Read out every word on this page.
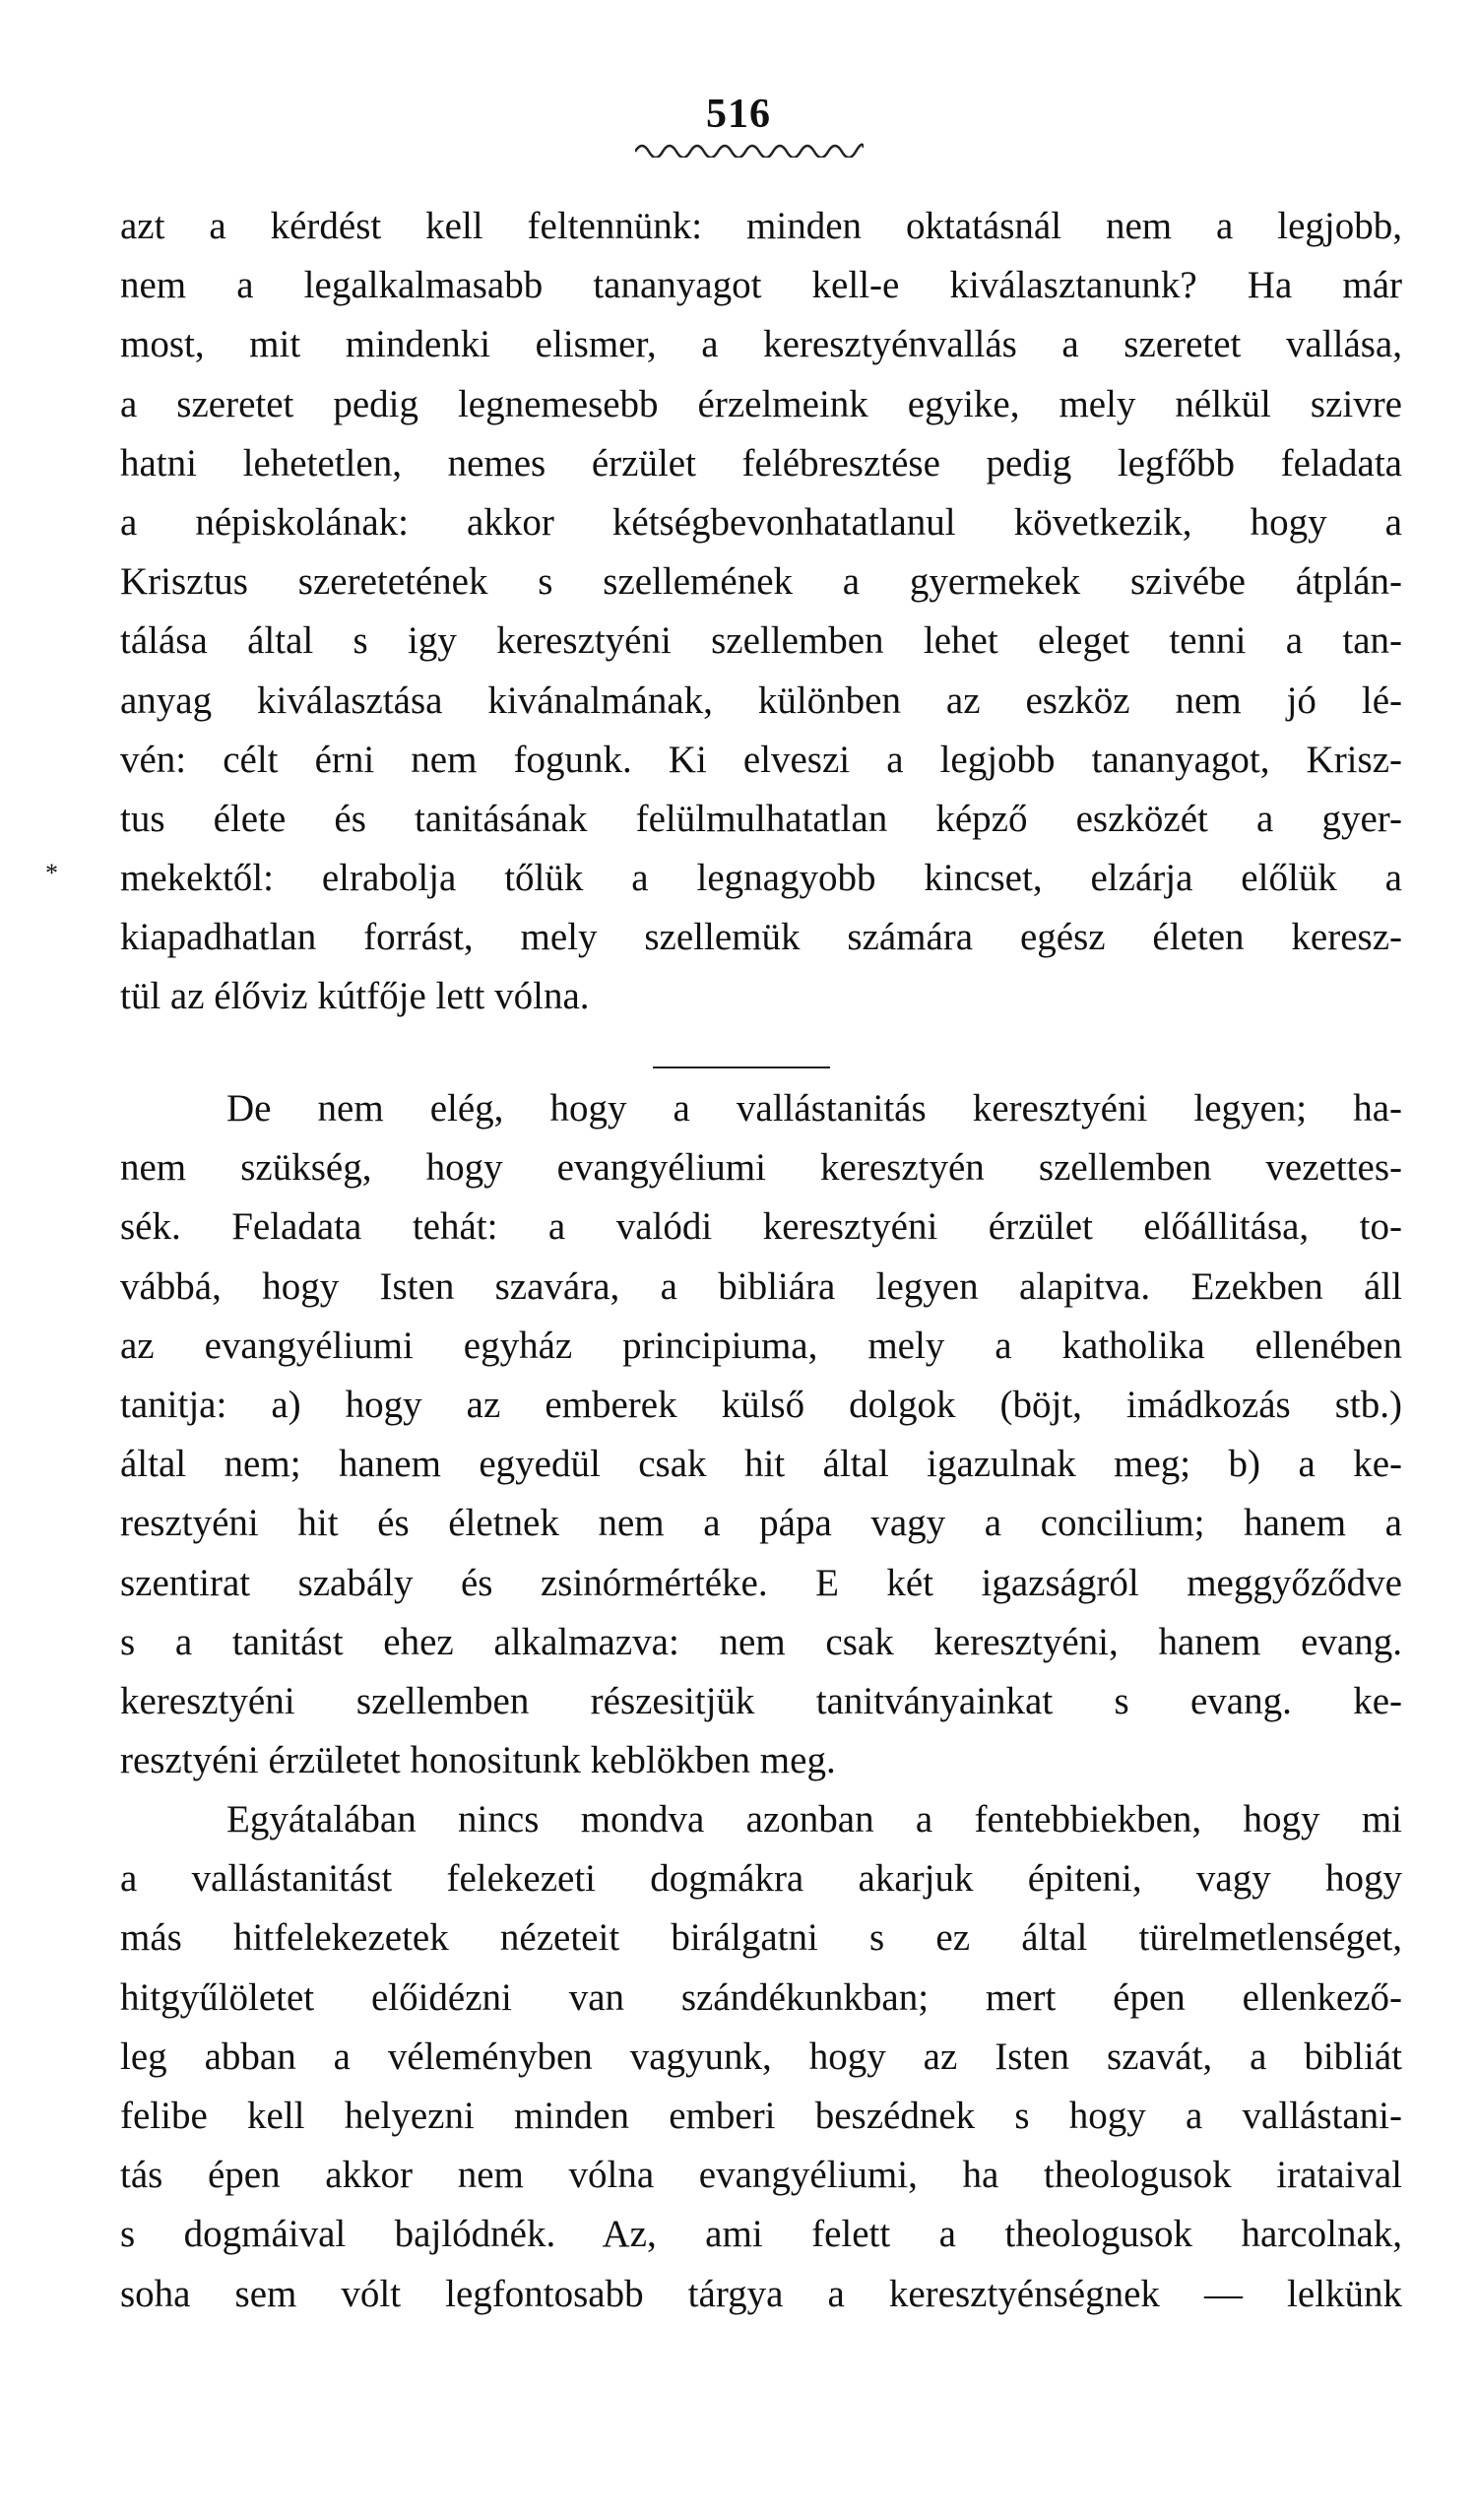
516
azt a kérdést kell feltennünk: minden oktatásnál nem a legjobb,
nem a legalkalmasabb tananyagot kell-e kiválasztanunk? Ha már
most, mit mindenki elismer, a keresztyénvallás a szeretet vallása,
a szeretet pedig legnemesebb érzelmeink egyike, mely nélkül szivre
hatni lehetetlen, nemes érzület felébresztése pedig legfőbb feladata
a népiskolának: akkor kétségbevonhatatlanul következik, hogy a
Krisztus szeretetének s szellemének a gyermekek szivébe átplán-
tálása által s igy keresztyéni szellemben lehet eleget tenni a tan-
anyag kiválasztása kivánalmának, különben az eszköz nem jó lé-
vén: célt érni nem fogunk. Ki elveszi a legjobb tananyagot, Krisz-
tus élete és tanitásának felülmulhatatlan képző eszközét a gyer-
mekektől: elrabolja tőlük a legnagyobb kincset, elzárja előlük a
kiapadhatlan forrást, mely szellemük számára egész életen keresz-
tül az élőviz kútfője lett vólna.
*
De nem elég, hogy a vallástanitás keresztyéni legyen; ha-
nem szükség, hogy evangyéliumi keresztyén szellemben vezettes-
sék. Feladata tehát: a valódi keresztyéni érzület előállitása, to-
vábbá, hogy Isten szavára, a bibliára legyen alapitva. Ezekben áll
az evangyéliumi egyház principiuma, mely a katholika ellenében
tanitja: a) hogy az emberek külső dolgok (böjt, imádkozás stb.)
által nem; hanem egyedül csak hit által igazulnak meg; b) a ke-
resztyéni hit és életnek nem a pápa vagy a concilium; hanem a
szentirat szabály és zsinórmértéke. E két igazságról meggyőződve
s a tanitást ehez alkalmazva: nem csak keresztyéni, hanem evang.
keresztyéni szellemben részesitjük tanitványainkat s evang. ke-
resztyéni érzületet honositunk keblökben meg.
Egyátalában nincs mondva azonban a fentebbiekben, hogy mi
a vallástanitást felekezeti dogmákra akarjuk épiteni, vagy hogy
más hitfelekezetek nézeteit birálgatni s ez által türelmetlenséget,
hitgyűlöletet előidézni van szándékunkban; mert épen ellenkező-
leg abban a véleményben vagyunk, hogy az Isten szavát, a bibliát
felibe kell helyezni minden emberi beszédnek s hogy a vallástani-
tás épen akkor nem vólna evangyéliumi, ha theologusok irataival
s dogmáival bajlódnék. Az, ami felett a theologusok harcolnak,
soha sem vólt legfontosabb tárgya a keresztyénségnek — lelkünk
